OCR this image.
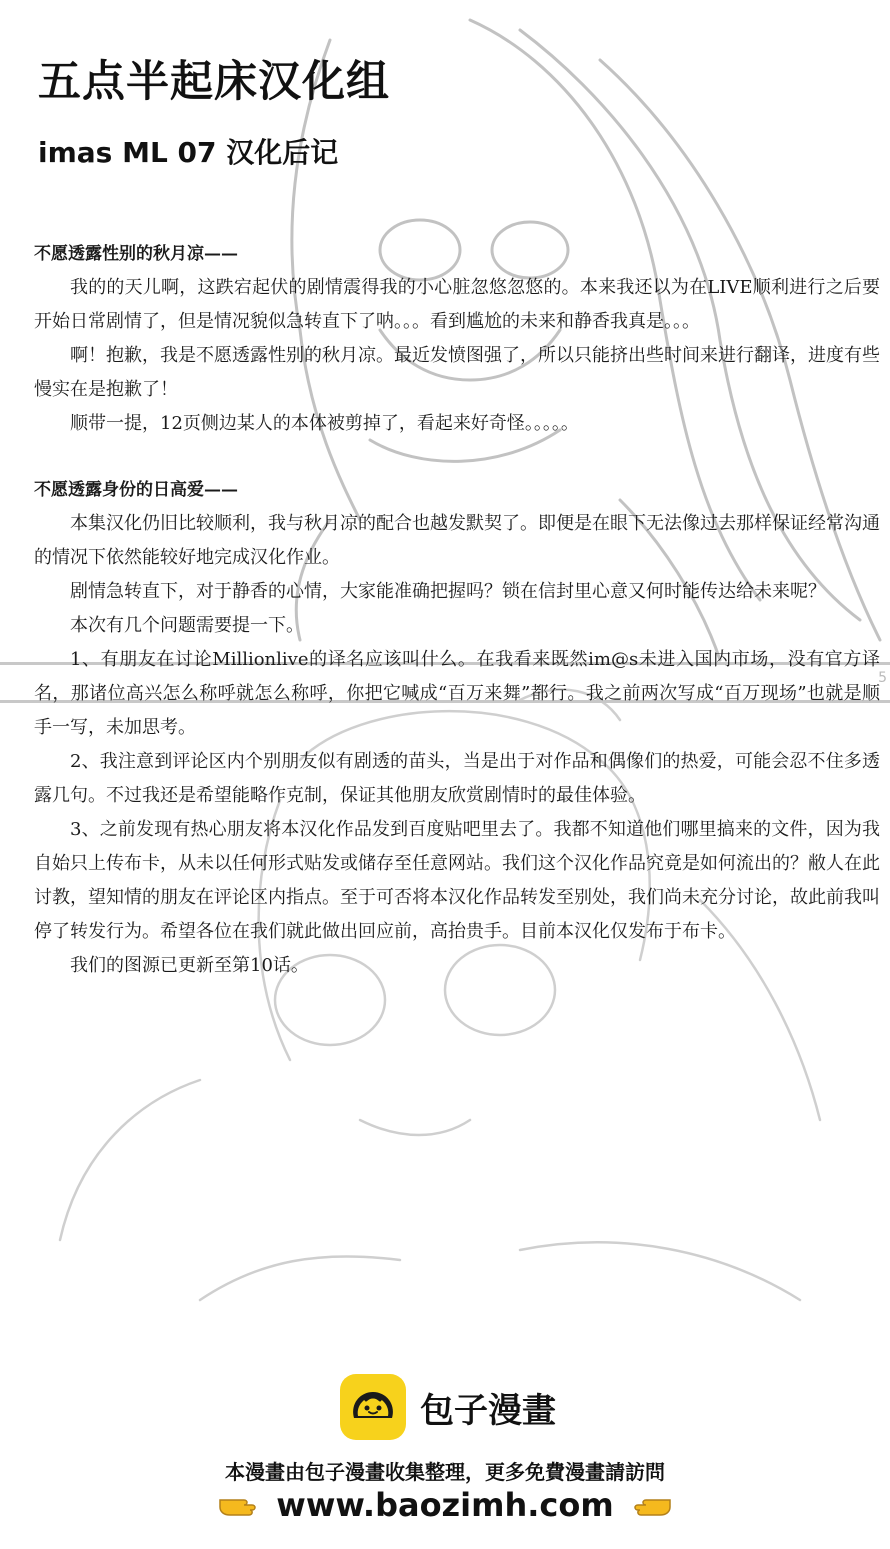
5
五点半起床汉化组
imas ML 07 汉化后记
不愿透露性别的秋月凉——

我的的天儿啊，这跌宕起伏的剧情震得我的小心脏忽悠忽悠的。本来我还以为在LIVE顺利进行之后要开始日常剧情了，但是情况貌似急转直下了呐。。。看到尴尬的未来和静香我真是。。。

啊！抱歉，我是不愿透露性别的秋月凉。最近发愤图强了，所以只能挤出些时间来进行翻译，进度有些慢实在是抱歉了！

顺带一提，12页侧边某人的本体被剪掉了，看起来好奇怪。。。。。

不愿透露身份的日高爱——

本集汉化仍旧比较顺利，我与秋月凉的配合也越发默契了。即便是在眼下无法像过去那样保证经常沟通的情况下依然能较好地完成汉化作业。

剧情急转直下，对于静香的心情，大家能准确把握吗？锁在信封里心意又何时能传达给未来呢？

本次有几个问题需要提一下。

1、有朋友在讨论Millionlive的译名应该叫什么。在我看来既然im@s未进入国内市场，没有官方译名，那诸位高兴怎么称呼就怎么称呼，你把它喊成“百万来舞”都行。我之前两次写成“百万现场”也就是顺手一写，未加思考。

2、我注意到评论区内个别朋友似有剧透的苗头，当是出于对作品和偶像们的热爱，可能会忍不住多透露几句。不过我还是希望能略作克制，保证其他朋友欣赏剧情时的最佳体验。

3、之前发现有热心朋友将本汉化作品发到百度贴吧里去了。我都不知道他们哪里搞来的文件，因为我自始只上传布卡，从未以任何形式贴发或储存至任意网站。我们这个汉化作品究竟是如何流出的？敝人在此讨教，望知情的朋友在评论区内指点。至于可否将本汉化作品转发至别处，我们尚未充分讨论，故此前我叫停了转发行为。希望各位在我们就此做出回应前，高抬贵手。目前本汉化仅发布于布卡。

我们的图源已更新至第10话。

包子漫畫
本漫畫由包子漫畫收集整理，更多免費漫畫請訪問
www.baozimh.com
